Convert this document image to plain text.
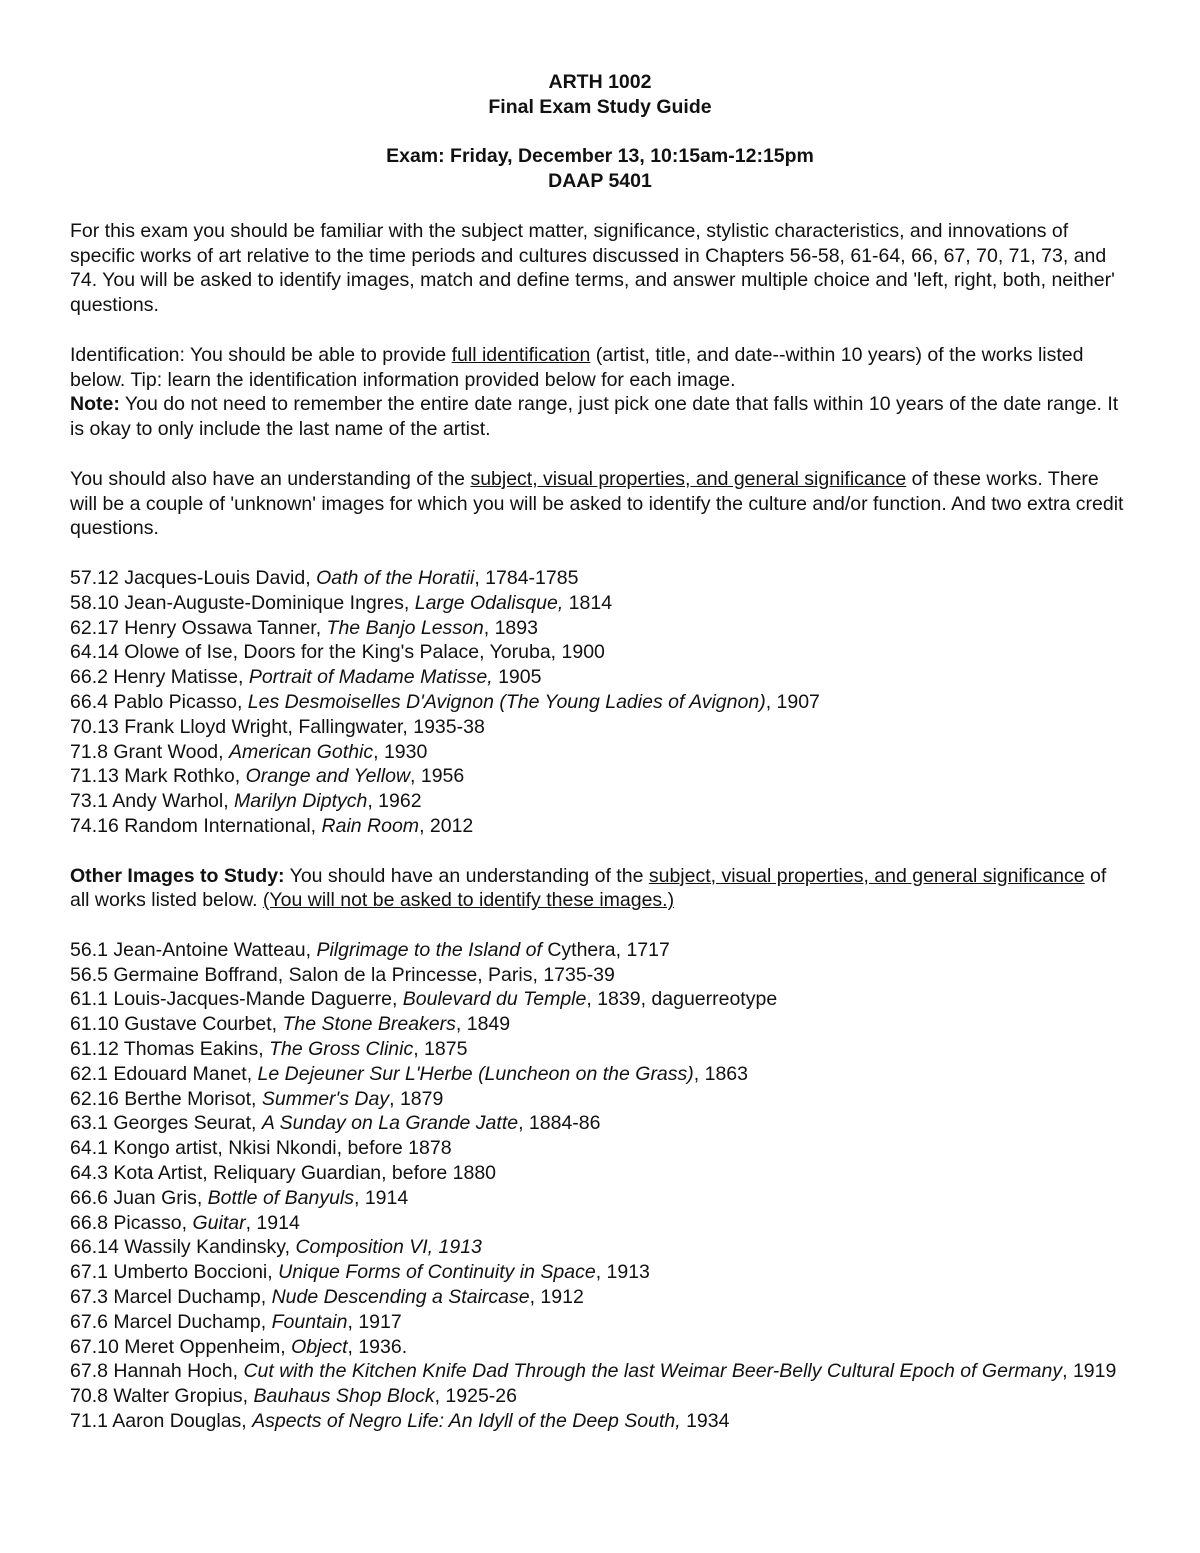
ARTH 1002
Final Exam Study Guide
Exam: Friday, December 13, 10:15am-12:15pm
DAAP 5401

For this exam you should be familiar with the subject matter, significance, stylistic characteristics, and innovations of specific works of art relative to the time periods and cultures discussed in Chapters 56-58, 61-64, 66, 67, 70, 71, 73, and 74. You will be asked to identify images, match and define terms, and answer multiple choice and 'left, right, both, neither' questions.

Identification: You should be able to provide full identification (artist, title, and date--within 10 years) of the works listed below. Tip: learn the identification information provided below for each image.

Note: You do not need to remember the entire date range, just pick one date that falls within 10 years of the date range. It is okay to only include the last name of the artist.

You should also have an understanding of the subject, visual properties, and general significance of these works. There will be a couple of 'unknown' images for which you will be asked to identify the culture and/or function. And two extra credit questions.

57.12 Jacques-Louis David, Oath of the Horatii, 1784-1785
58.10 Jean-Auguste-Dominique Ingres, Large Odalisque, 1814
62.17 Henry Ossawa Tanner, The Banjo Lesson, 1893
64.14 Olowe of Ise, Doors for the King's Palace, Yoruba, 1900
66.2 Henry Matisse, Portrait of Madame Matisse, 1905
66.4 Pablo Picasso, Les Desmoiselles D'Avignon (The Young Ladies of Avignon), 1907
70.13 Frank Lloyd Wright, Fallingwater, 1935-38
71.8 Grant Wood, American Gothic, 1930
71.13 Mark Rothko, Orange and Yellow, 1956
73.1 Andy Warhol, Marilyn Diptych, 1962
74.16 Random International, Rain Room, 2012

Other Images to Study: You should have an understanding of the subject, visual properties, and general significance of all works listed below. (You will not be asked to identify these images.)

56.1 Jean-Antoine Watteau, Pilgrimage to the Island of Cythera, 1717
56.5 Germaine Boffrand, Salon de la Princesse, Paris, 1735-39
61.1 Louis-Jacques-Mande Daguerre, Boulevard du Temple, 1839, daguerreotype
61.10 Gustave Courbet, The Stone Breakers, 1849
61.12 Thomas Eakins, The Gross Clinic, 1875
62.1 Edouard Manet, Le Dejeuner Sur L'Herbe (Luncheon on the Grass), 1863
62.16 Berthe Morisot, Summer's Day, 1879
63.1 Georges Seurat, A Sunday on La Grande Jatte, 1884-86
64.1 Kongo artist, Nkisi Nkondi, before 1878
64.3 Kota Artist, Reliquary Guardian, before 1880
66.6 Juan Gris, Bottle of Banyuls, 1914
66.8 Picasso, Guitar, 1914
66.14 Wassily Kandinsky, Composition VI, 1913
67.1 Umberto Boccioni, Unique Forms of Continuity in Space, 1913
67.3 Marcel Duchamp, Nude Descending a Staircase, 1912
67.6 Marcel Duchamp, Fountain, 1917
67.10 Meret Oppenheim, Object, 1936.
67.8 Hannah Hoch, Cut with the Kitchen Knife Dad Through the last Weimar Beer-Belly Cultural Epoch of Germany, 1919
70.8 Walter Gropius, Bauhaus Shop Block, 1925-26
71.1 Aaron Douglas, Aspects of Negro Life: An Idyll of the Deep South, 1934
